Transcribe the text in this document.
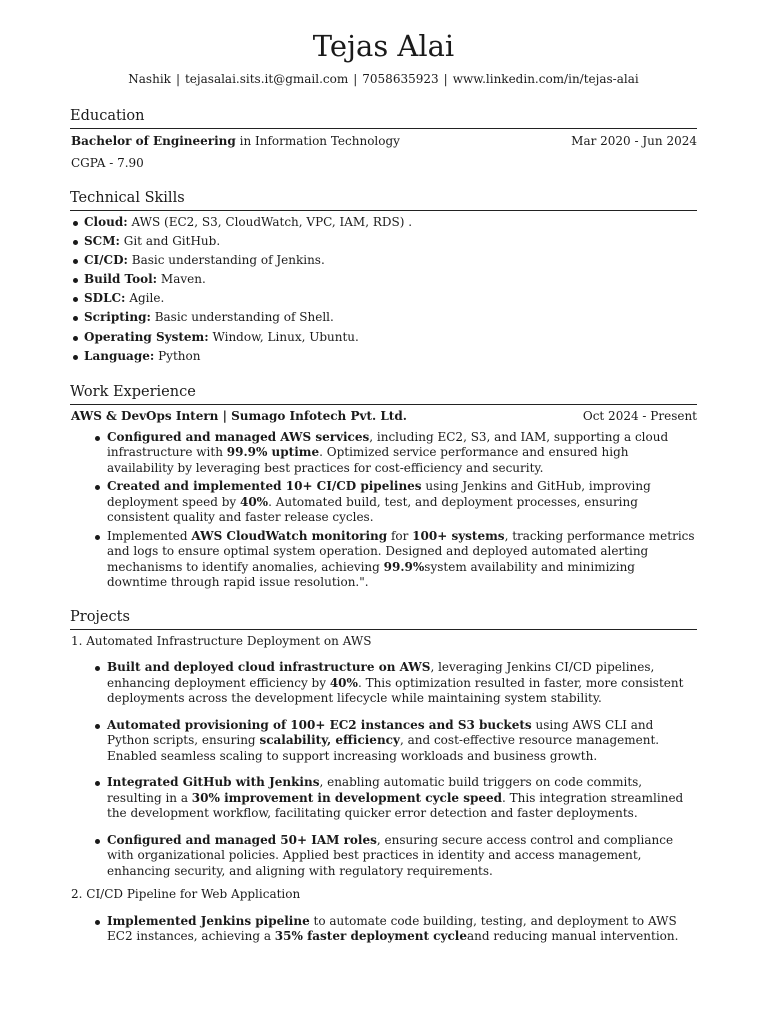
Tejas Alai
Nashik | tejasalai.sits.it@gmail.com | 7058635923 | www.linkedin.com/in/tejas-alai
Education
Bachelor of Engineering in Information Technology	Mar 2020 - Jun 2024
CGPA - 7.90
Technical Skills
Cloud: AWS (EC2, S3, CloudWatch, VPC, IAM, RDS) .
SCM: Git and GitHub.
CI/CD: Basic understanding of Jenkins.
Build Tool: Maven.
SDLC: Agile.
Scripting: Basic understanding of Shell.
Operating System: Window, Linux, Ubuntu.
Language: Python
Work Experience
AWS & DevOps Intern | Sumago Infotech Pvt. Ltd.	Oct 2024 - Present
Configured and managed AWS services, including EC2, S3, and IAM, supporting a cloud infrastructure with 99.9% uptime. Optimized service performance and ensured high availability by leveraging best practices for cost-efficiency and security.
Created and implemented 10+ CI/CD pipelines using Jenkins and GitHub, improving deployment speed by 40%. Automated build, test, and deployment processes, ensuring consistent quality and faster release cycles.
Implemented AWS CloudWatch monitoring for 100+ systems, tracking performance metrics and logs to ensure optimal system operation. Designed and deployed automated alerting mechanisms to identify anomalies, achieving 99.9%system availability and minimizing downtime through rapid issue resolution.".
Projects
1. Automated Infrastructure Deployment on AWS
Built and deployed cloud infrastructure on AWS, leveraging Jenkins CI/CD pipelines, enhancing deployment efficiency by 40%. This optimization resulted in faster, more consistent deployments across the development lifecycle while maintaining system stability.
Automated provisioning of 100+ EC2 instances and S3 buckets using AWS CLI and Python scripts, ensuring scalability, efficiency, and cost-effective resource management. Enabled seamless scaling to support increasing workloads and business growth.
Integrated GitHub with Jenkins, enabling automatic build triggers on code commits, resulting in a 30% improvement in development cycle speed. This integration streamlined the development workflow, facilitating quicker error detection and faster deployments.
Configured and managed 50+ IAM roles, ensuring secure access control and compliance with organizational policies. Applied best practices in identity and access management, enhancing security, and aligning with regulatory requirements.
2. CI/CD Pipeline for Web Application
Implemented Jenkins pipeline to automate code building, testing, and deployment to AWS EC2 instances, achieving a 35% faster deployment cycleand reducing manual intervention.
